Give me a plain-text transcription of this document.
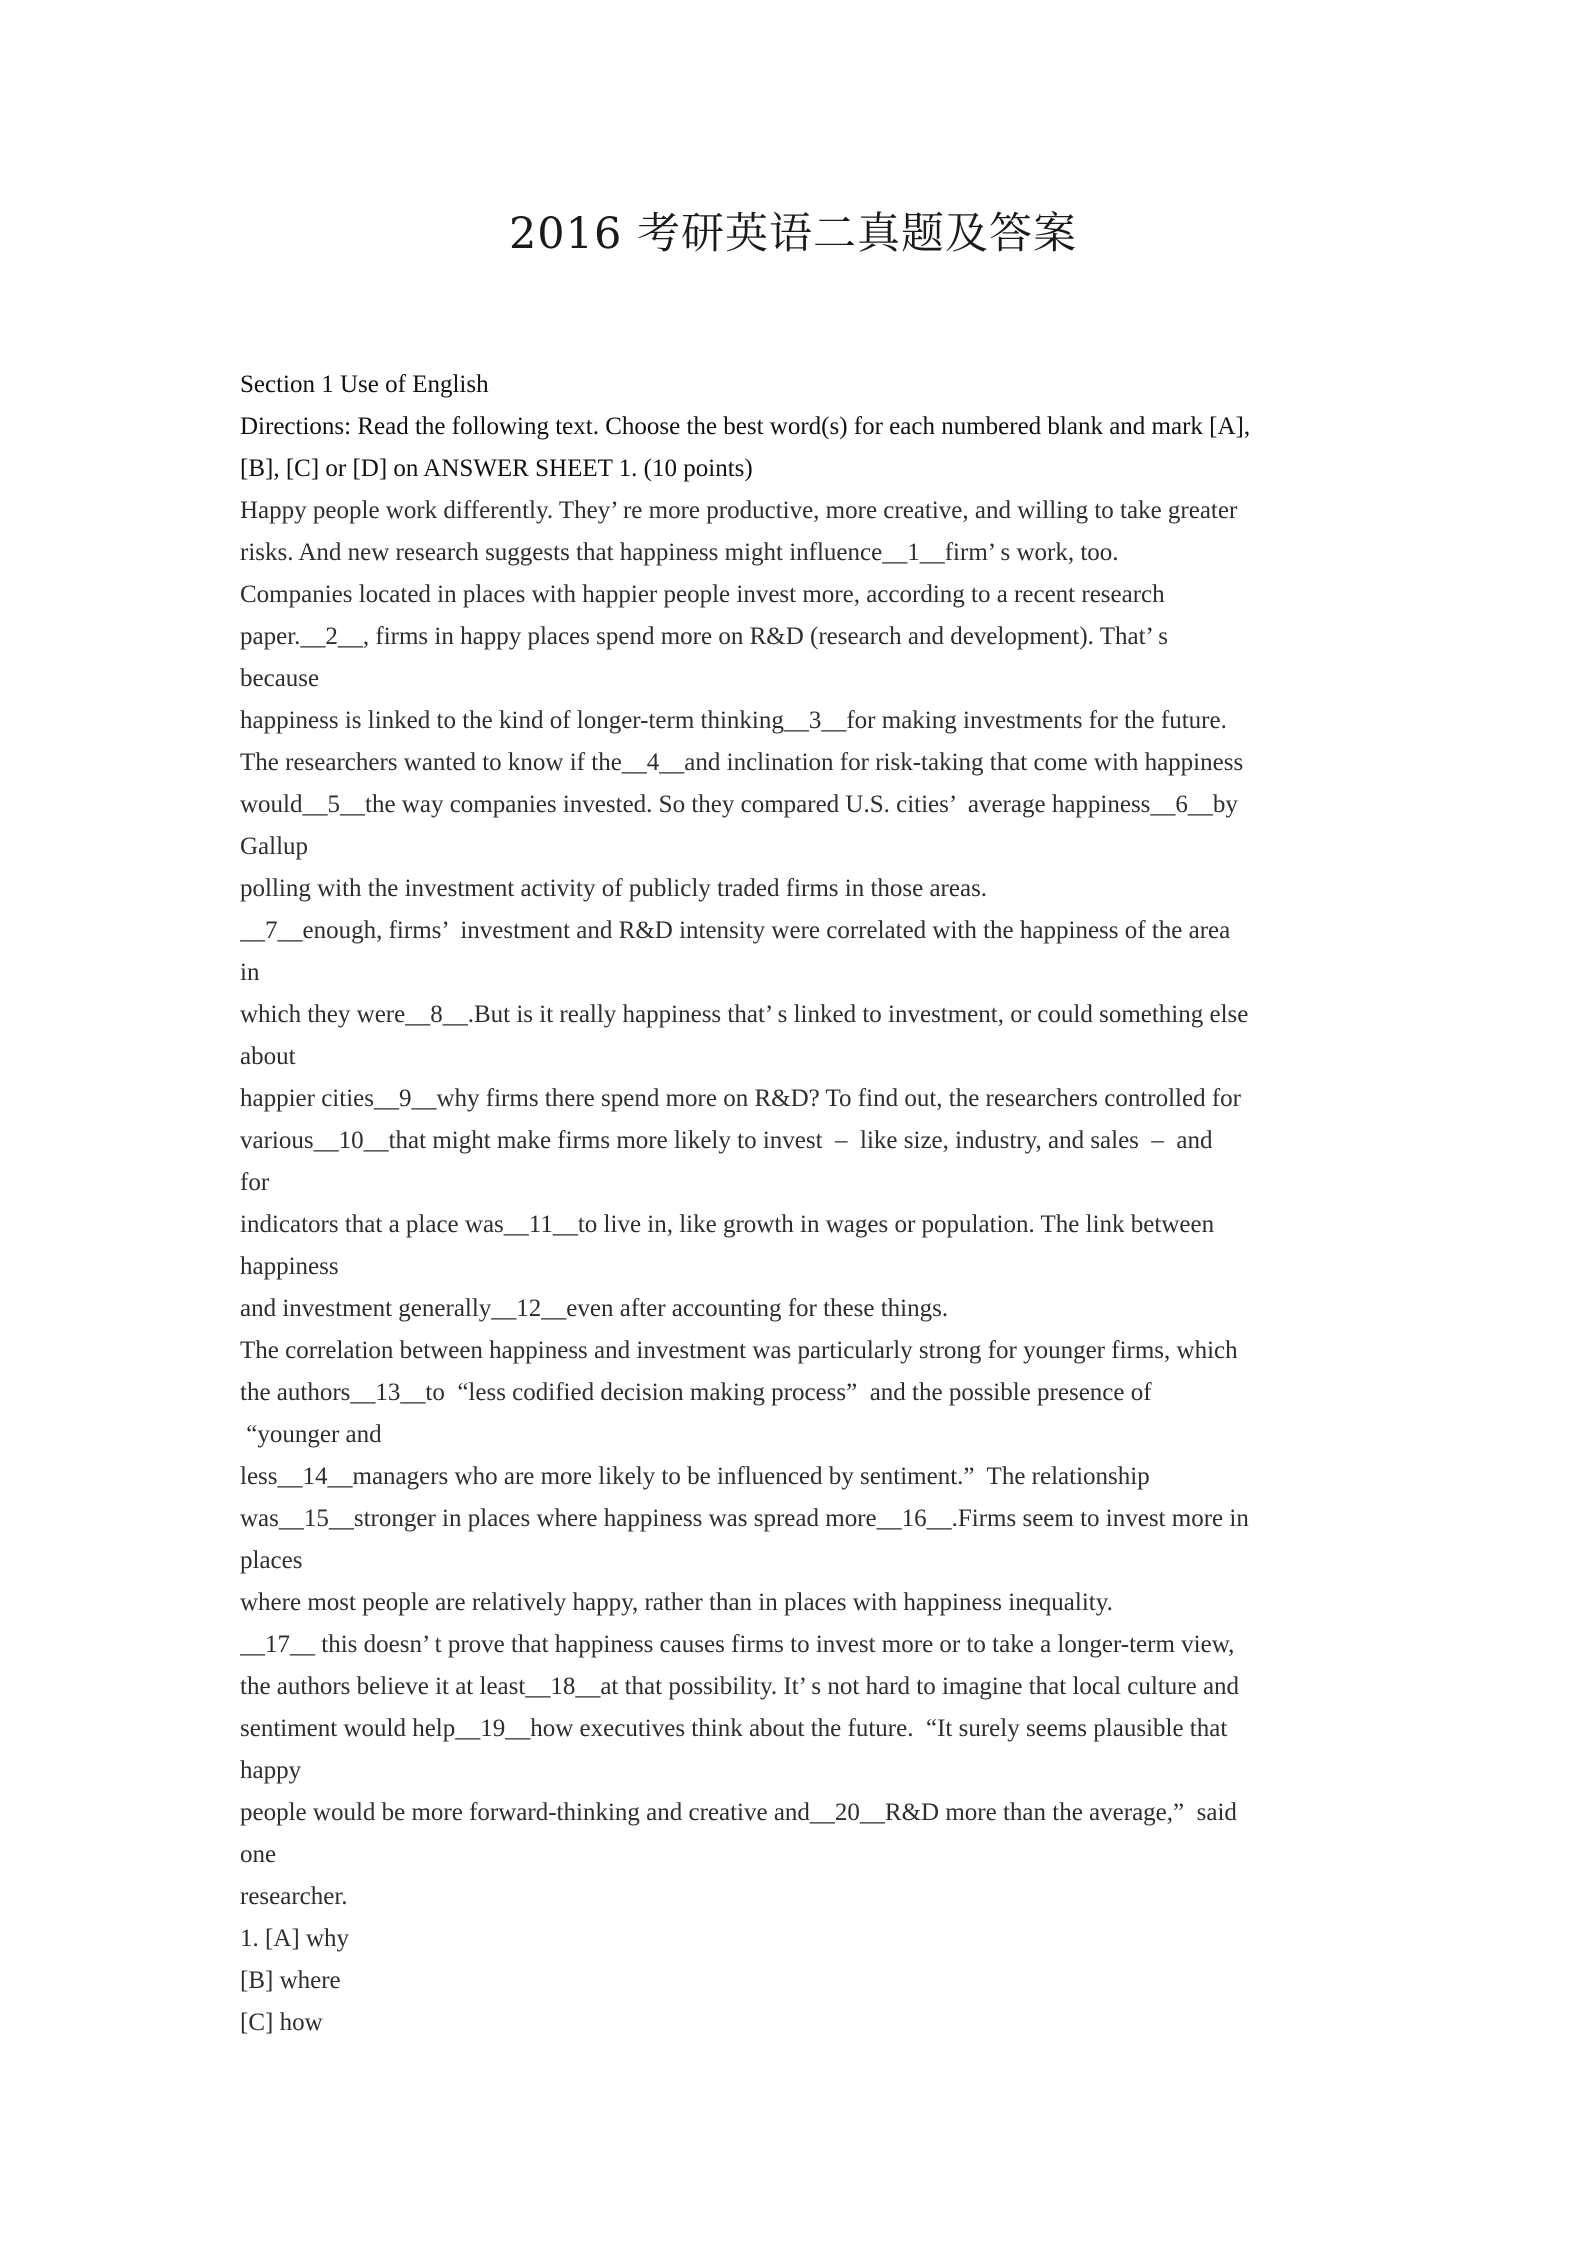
2016 考研英语二真题及答案
Section 1 Use of English
Directions: Read the following text. Choose the best word(s) for each numbered blank and mark [A],
[B], [C] or [D] on ANSWER SHEET 1. (10 points)
Happy people work differently. They’ re more productive, more creative, and willing to take greater
risks. And new research suggests that happiness might influence__1__firm’ s work, too.
Companies located in places with happier people invest more, according to a recent research
paper.__2__, firms in happy places spend more on R&D (research and development). That’ s
because
happiness is linked to the kind of longer-term thinking__3__for making investments for the future.
The researchers wanted to know if the__4__and inclination for risk-taking that come with happiness
would__5__the way companies invested. So they compared U.S. cities’  average happiness__6__by
Gallup
polling with the investment activity of publicly traded firms in those areas.
__7__enough, firms’  investment and R&D intensity were correlated with the happiness of the area
in
which they were__8__.But is it really happiness that’ s linked to investment, or could something else
about
happier cities__9__why firms there spend more on R&D? To find out, the researchers controlled for
various__10__that might make firms more likely to invest  –  like size, industry, and sales  –  and
for
indicators that a place was__11__to live in, like growth in wages or population. The link between
happiness
and investment generally__12__even after accounting for these things.
The correlation between happiness and investment was particularly strong for younger firms, which
the authors__13__to  “less codified decision making process”  and the possible presence of
“younger and
less__14__managers who are more likely to be influenced by sentiment.”  The relationship
was__15__stronger in places where happiness was spread more__16__.Firms seem to invest more in
places
where most people are relatively happy, rather than in places with happiness inequality.
__17__ this doesn’ t prove that happiness causes firms to invest more or to take a longer-term view,
the authors believe it at least__18__at that possibility. It’ s not hard to imagine that local culture and
sentiment would help__19__how executives think about the future.  “It surely seems plausible that
happy
people would be more forward-thinking and creative and__20__R&D more than the average,”  said
one
researcher.
1. [A] why
[B] where
[C] how
